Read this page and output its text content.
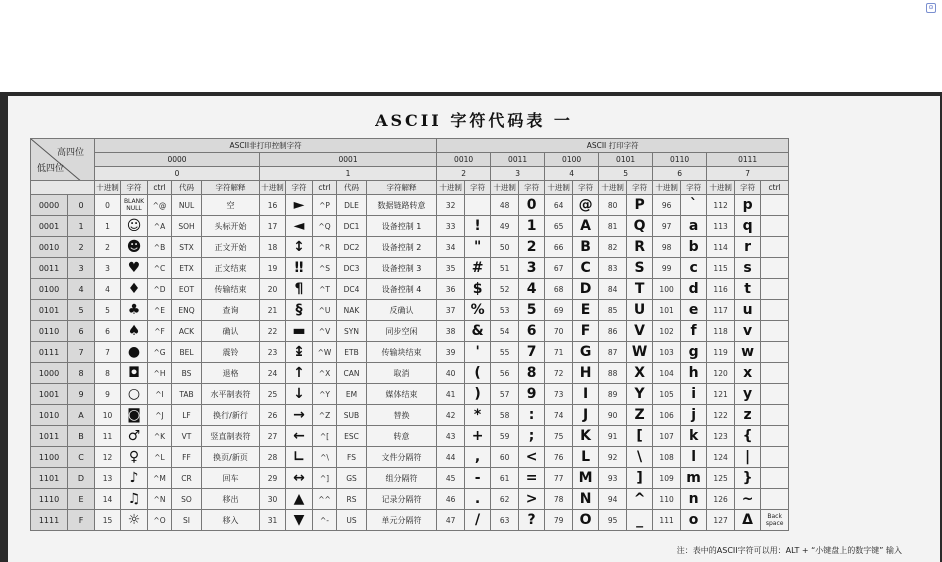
⊙
ASCII 字符代码表 一
高四位
低四位		ASCII非打印控制字符										ASCII 打印字符												
		0000					0001					0010		0011		0100		0101		0110		0111		
		0					1					2		3		4		5		6		7		
		十进制	字符	ctrl	代码	字符解释	十进制	字符	ctrl	代码	字符解释	十进制	字符	十进制	字符	十进制	字符	十进制	字符	十进制	字符	十进制	字符	ctrl
0000	0	0	BLANK NULL	^@	NUL	空	16	►	^P	DLE	数据链路转意	32		48	0	64	@	80	P	96	`	112	p	
0001	1	1	☺	^A	SOH	头标开始	17	◄	^Q	DC1	设备控制 1	33	!	49	1	65	A	81	Q	97	a	113	q	
0010	2	2	☻	^B	STX	正文开始	18	↕	^R	DC2	设备控制 2	34	"	50	2	66	B	82	R	98	b	114	r	
0011	3	3	♥	^C	ETX	正文结束	19	‼	^S	DC3	设备控制 3	35	#	51	3	67	C	83	S	99	c	115	s	
0100	4	4	♦	^D	EOT	传输结束	20	¶	^T	DC4	设备控制 4	36	$	52	4	68	D	84	T	100	d	116	t	
0101	5	5	♣	^E	ENQ	查询	21	§	^U	NAK	反确认	37	%	53	5	69	E	85	U	101	e	117	u	
0110	6	6	♠	^F	ACK	确认	22	▬	^V	SYN	同步空闲	38	&	54	6	70	F	86	V	102	f	118	v	
0111	7	7	●	^G	BEL	震铃	23	↨	^W	ETB	传输块结束	39	'	55	7	71	G	87	W	103	g	119	w	
1000	8	8	◘	^H	BS	退格	24	↑	^X	CAN	取消	40	(	56	8	72	H	88	X	104	h	120	x	
1001	9	9	○	^I	TAB	水平制表符	25	↓	^Y	EM	媒体结束	41	)	57	9	73	I	89	Y	105	i	121	y	
1010	A	10	◙	^J	LF	换行/新行	26	→	^Z	SUB	替换	42	*	58	:	74	J	90	Z	106	j	122	z	
1011	B	11	♂	^K	VT	竖直制表符	27	←	^[	ESC	转意	43	+	59	;	75	K	91	[	107	k	123	{	
1100	C	12	♀	^L	FF	换页/新页	28	∟	^\	FS	文件分隔符	44	,	60	<	76	L	92	\	108	l	124	|	
1101	D	13	♪	^M	CR	回车	29	↔	^]	GS	组分隔符	45	-	61	=	77	M	93	]	109	m	125	}	
1110	E	14	♫	^N	SO	移出	30	▲	^^	RS	记录分隔符	46	.	62	>	78	N	94	^	110	n	126	~	
1111	F	15	☼	^O	SI	移入	31	▼	^-	US	单元分隔符	47	/	63	?	79	O	95	_	111	o	127	Δ	Back space
注：表中的ASCII字符可以用：ALT + “小键盘上的数字键” 输入
